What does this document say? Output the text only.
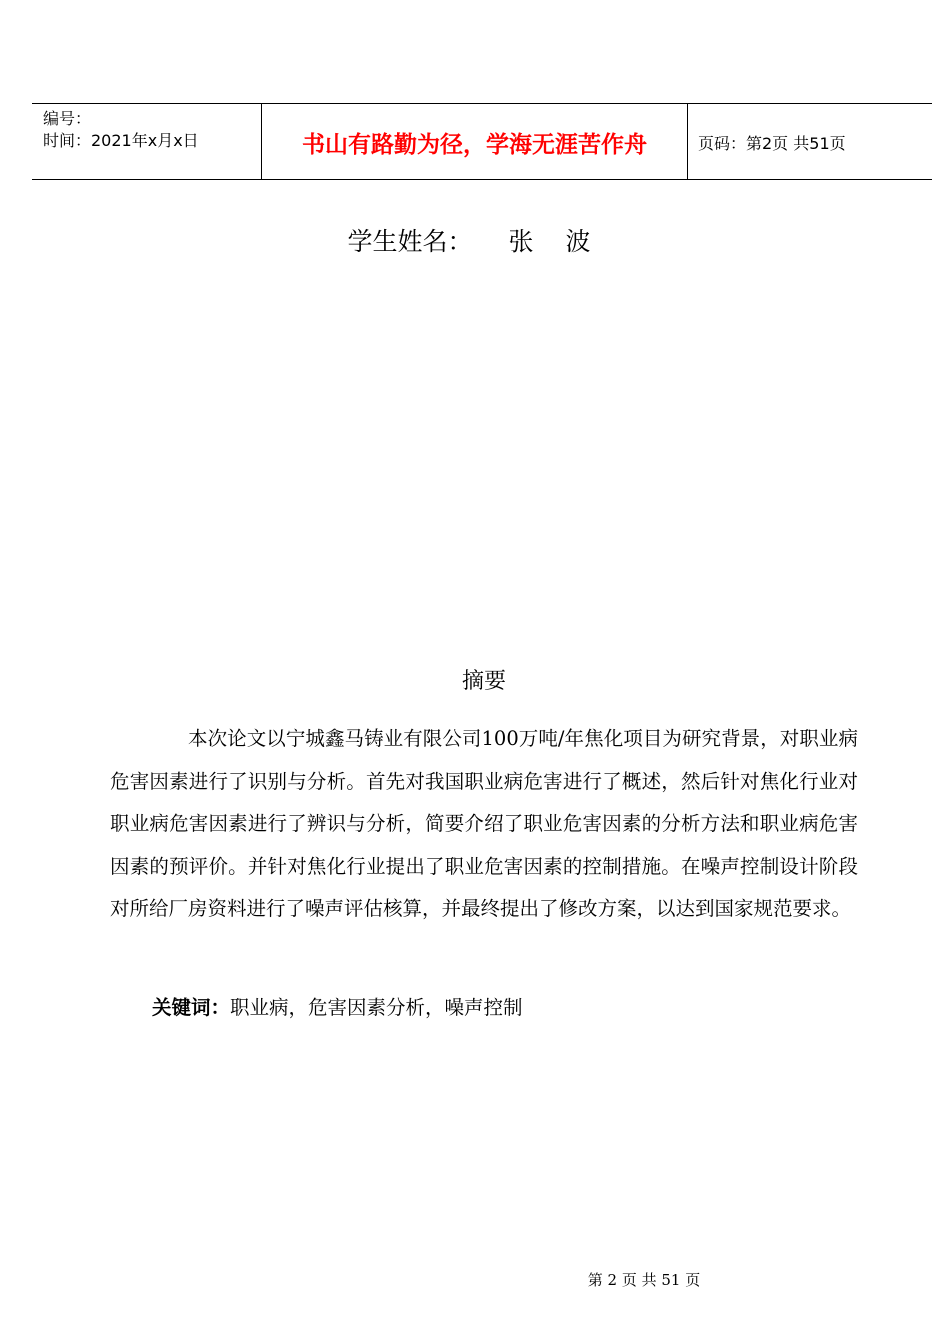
编号：
时间：2021年x月x日	书山有路勤为径，学海无涯苦作舟	页码：第2页 共51页
学生姓名： 张 波
摘要
本次论文以宁城鑫马铸业有限公司100万吨/年焦化项目为研究背景，对职业病危害因素进行了识别与分析。首先对我国职业病危害进行了概述，然后针对焦化行业对职业病危害因素进行了辨识与分析，简要介绍了职业危害因素的分析方法和职业病危害因素的预评价。并针对焦化行业提出了职业危害因素的控制措施。在噪声控制设计阶段对所给厂房资料进行了噪声评估核算，并最终提出了修改方案，以达到国家规范要求。
关键词：职业病，危害因素分析，噪声控制
第 2 页 共 51 页
